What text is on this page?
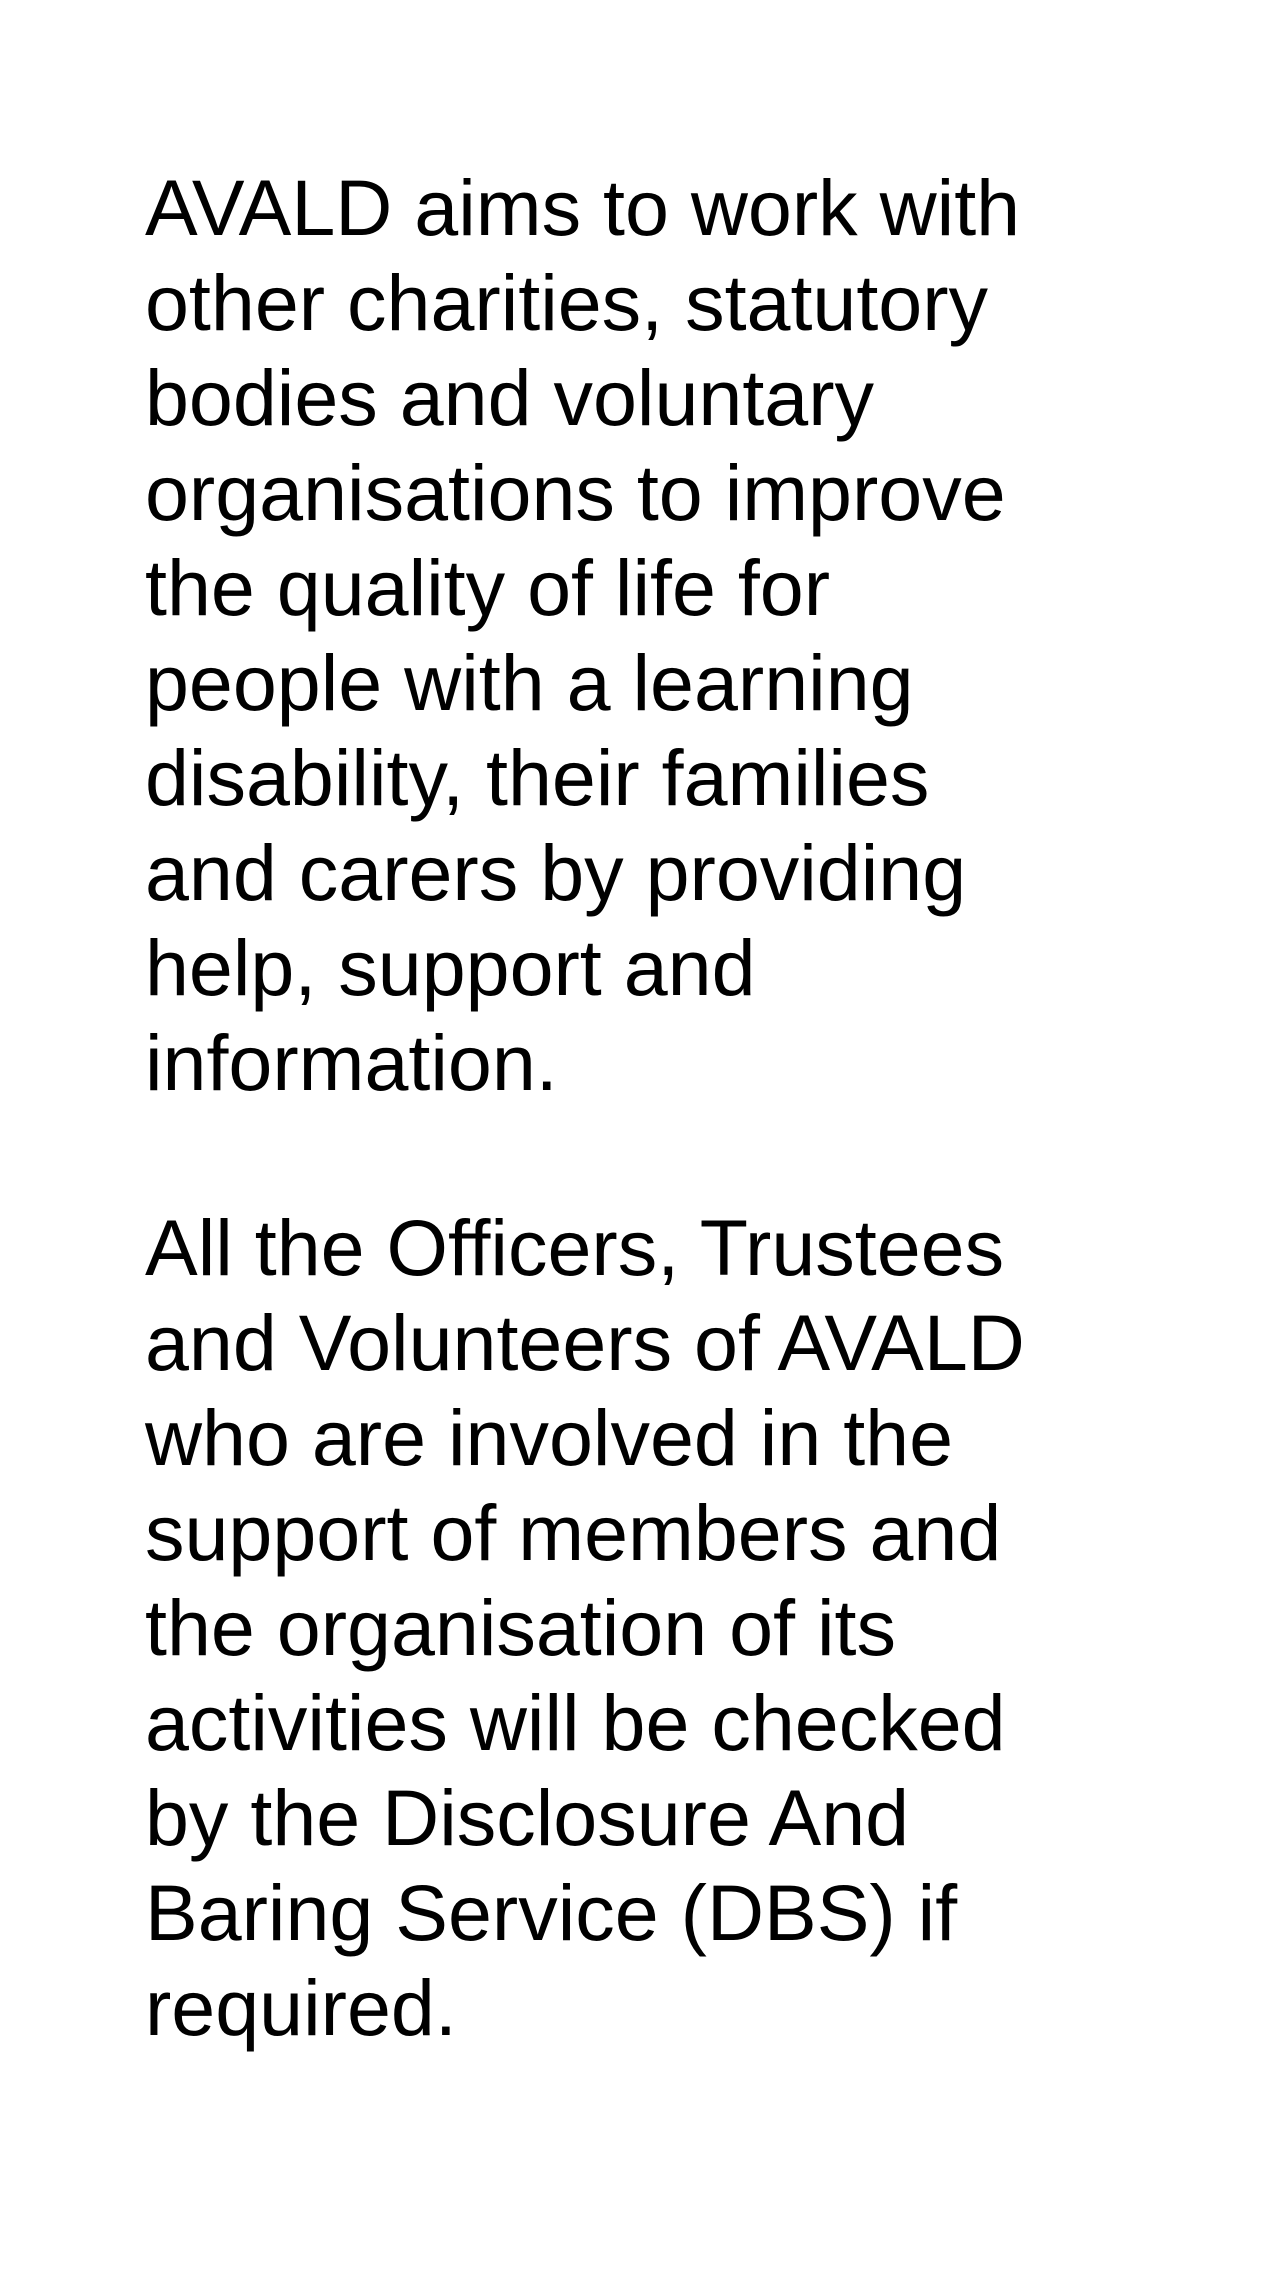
AVALD aims to work with
other charities, statutory
bodies and voluntary
organisations to improve
the quality of life for
people with a learning
disability, their families
and carers by providing
help, support and
information.

All the Officers, Trustees
and Volunteers of AVALD
who are involved in the
support of members and
the organisation of its
activities will be checked
by the Disclosure And
Baring Service (DBS) if
required.
